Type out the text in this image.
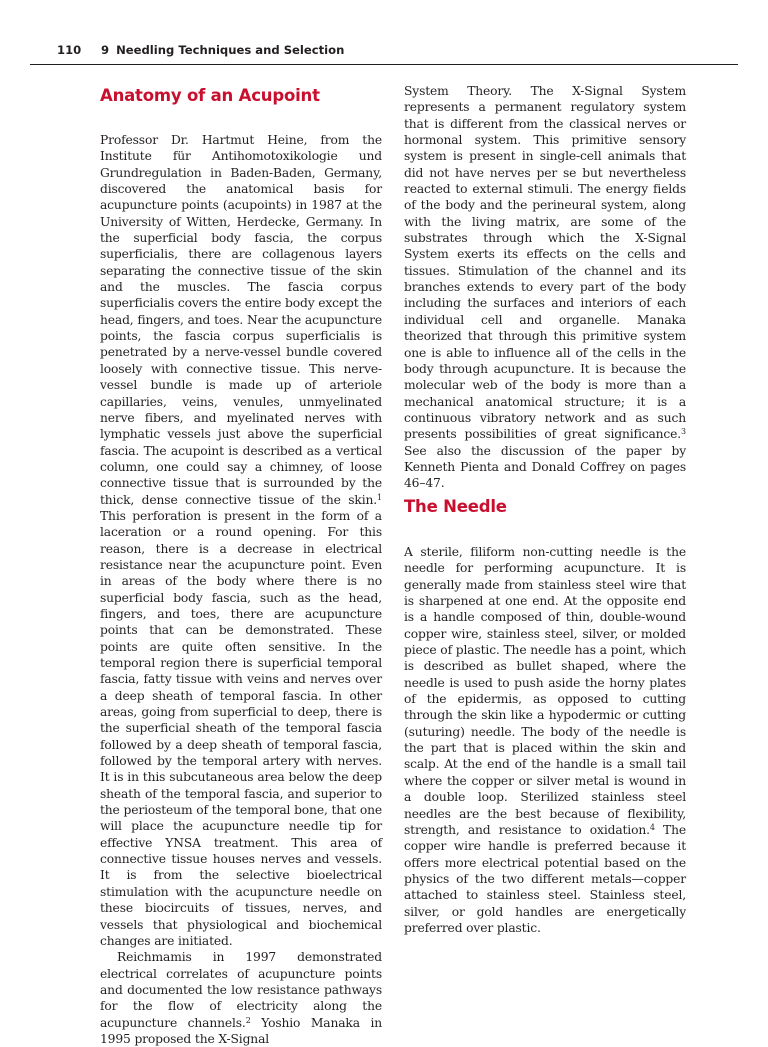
110 9 Needling Techniques and Selection
Anatomy of an Acupoint

Professor Dr. Hartmut Heine, from the Institute für Antihomotoxikologie und Grundregulation in Baden-Baden, Germany, discovered the anatomical basis for acupuncture points (acupoints) in 1987 at the University of Witten, Herdecke, Germany. In the superficial body fascia, the corpus superficialis, there are collagenous layers separating the connective tissue of the skin and the muscles. The fascia corpus superficialis covers the entire body except the head, fingers, and toes. Near the acupuncture points, the fascia corpus superficialis is penetrated by a nerve-vessel bundle covered loosely with connective tissue. This nerve-vessel bundle is made up of arteriole capillaries, veins, venules, unmyelinated nerve fibers, and myelinated nerves with lymphatic vessels just above the superficial fascia. The acupoint is described as a vertical column, one could say a chimney, of loose connective tissue that is surrounded by the thick, dense connective tissue of the skin.$^1$ This perforation is present in the form of a laceration or a round opening. For this reason, there is a decrease in electrical resistance near the acupuncture point. Even in areas of the body where there is no superficial body fascia, such as the head, fingers, and toes, there are acupuncture points that can be demonstrated. These points are quite often sensitive. In the temporal region there is superficial temporal fascia, fatty tissue with veins and nerves over a deep sheath of temporal fascia. In other areas, going from superficial to deep, there is the superficial sheath of the temporal fascia followed by a deep sheath of temporal fascia, followed by the temporal artery with nerves. It is in this subcutaneous area below the deep sheath of the temporal fascia, and superior to the periosteum of the temporal bone, that one will place the acupuncture needle tip for effective YNSA treatment. This area of connective tissue houses nerves and vessels. It is from the selective bioelectrical stimulation with the acupuncture needle on these biocircuits of tissues, nerves, and vessels that physiological and biochemical changes are initiated.

Reichmamis in 1997 demonstrated electrical correlates of acupuncture points and documented the low resistance pathways for the flow of electricity along the acupuncture channels.$^2$ Yoshio Manaka in 1995 proposed the X-Signal

System Theory. The X-Signal System represents a permanent regulatory system that is different from the classical nerves or hormonal system. This primitive sensory system is present in single-cell animals that did not have nerves per se but nevertheless reacted to external stimuli. The energy fields of the body and the perineural system, along with the living matrix, are some of the substrates through which the X-Signal System exerts its effects on the cells and tissues. Stimulation of the channel and its branches extends to every part of the body including the surfaces and interiors of each individual cell and organelle. Manaka theorized that through this primitive system one is able to influence all of the cells in the body through acupuncture. It is because the molecular web of the body is more than a mechanical anatomical structure; it is a continuous vibratory network and as such presents possibilities of great significance.$^3$ See also the discussion of the paper by Kenneth Pienta and Donald Coffrey on pages 46–47.

The Needle

A sterile, filiform non-cutting needle is the needle for performing acupuncture. It is generally made from stainless steel wire that is sharpened at one end. At the opposite end is a handle composed of thin, double-wound copper wire, stainless steel, silver, or molded piece of plastic. The needle has a point, which is described as bullet shaped, where the needle is used to push aside the horny plates of the epidermis, as opposed to cutting through the skin like a hypodermic or cutting (suturing) needle. The body of the needle is the part that is placed within the skin and scalp. At the end of the handle is a small tail where the copper or silver metal is wound in a double loop. Sterilized stainless steel needles are the best because of flexibility, strength, and resistance to oxidation.$^4$ The copper wire handle is preferred because it offers more electrical potential based on the physics of the two different metals—copper attached to stainless steel. Stainless steel, silver, or gold handles are energetically preferred over plastic.
